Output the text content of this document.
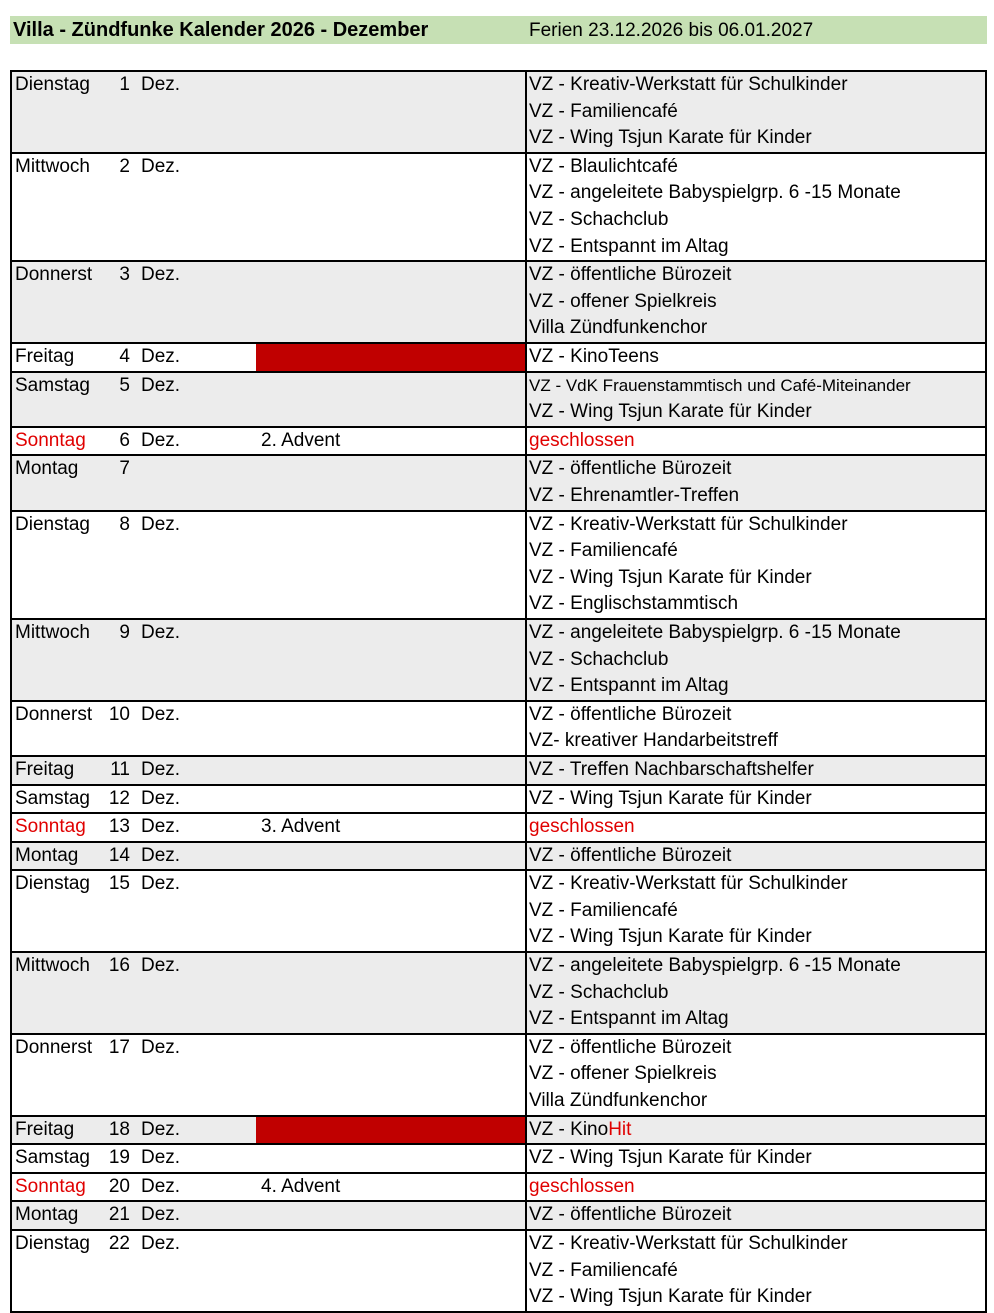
Villa - Zündfunke Kalender 2026 - Dezember	Ferien 23.12.2026 bis 06.01.2027
Dienstag	1 Dez.	VZ - Kreativ-Werkstatt für Schulkinder
VZ - Familiencafé
VZ - Wing Tsjun Karate für Kinder
Mittwoch	2 Dez.	VZ - Blaulichtcafé
VZ - angeleitete Babyspielgrp. 6 -15 Monate
VZ - Schachclub
VZ - Entspannt im Altag
Donnerst	3 Dez.	VZ - öffentliche Bürozeit
VZ - offener Spielkreis
Villa Zündfunkenchor
Freitag	4 Dez.	VZ - KinoTeens
Samstag	5 Dez.	VZ - VdK Frauenstammtisch und Café-Miteinander
VZ - Wing Tsjun Karate für Kinder
Sonntag	6 Dez.	2. Advent	geschlossen
Montag	7	VZ - öffentliche Bürozeit
VZ - Ehrenamtler-Treffen
Dienstag	8 Dez.	VZ - Kreativ-Werkstatt für Schulkinder
VZ - Familiencafé
VZ - Wing Tsjun Karate für Kinder
VZ - Englischstammtisch
Mittwoch	9 Dez.	VZ - angeleitete Babyspielgrp. 6 -15 Monate
VZ - Schachclub
VZ - Entspannt im Altag
Donnerst 10 Dez.	VZ - öffentliche Bürozeit
VZ- kreativer Handarbeitstreff
Freitag	11 Dez.	VZ - Treffen Nachbarschaftshelfer
Samstag 12 Dez.	VZ - Wing Tsjun Karate für Kinder
Sonntag	13 Dez.	3. Advent	geschlossen
Montag	14 Dez.	VZ - öffentliche Bürozeit
Dienstag 15 Dez.	VZ - Kreativ-Werkstatt für Schulkinder
VZ - Familiencafé
VZ - Wing Tsjun Karate für Kinder
Mittwoch 16 Dez.	VZ - angeleitete Babyspielgrp. 6 -15 Monate
VZ - Schachclub
VZ - Entspannt im Altag
Donnerst 17 Dez.	VZ - öffentliche Bürozeit
VZ - offener Spielkreis
Villa Zündfunkenchor
Freitag	18 Dez.	VZ - KinoHit
Samstag 19 Dez.	VZ - Wing Tsjun Karate für Kinder
Sonntag	20 Dez.	4. Advent	geschlossen
Montag	21 Dez.	VZ - öffentliche Bürozeit
Dienstag 22 Dez.	VZ - Kreativ-Werkstatt für Schulkinder
VZ - Familiencafé
VZ - Wing Tsjun Karate für Kinder
